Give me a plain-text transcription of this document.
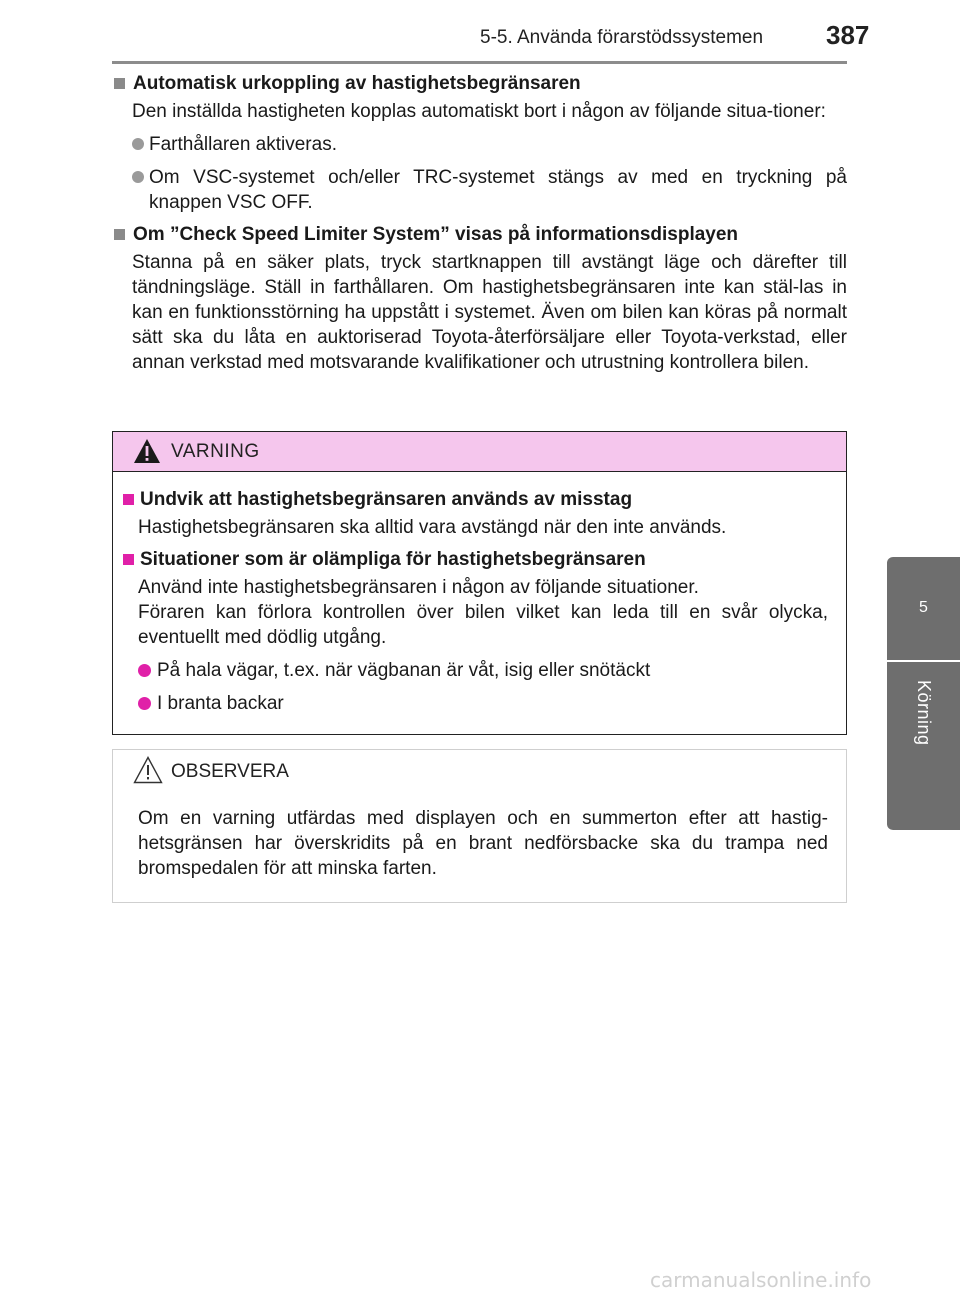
5-5. Använda förarstödssystemen	387
5
Körning
Automatisk urkoppling av hastighetsbegränsaren

Den inställda hastigheten kopplas automatiskt bort i någon av följande situa-tioner:

Farthållaren aktiveras.
Om VSC-systemet och/eller TRC-systemet stängs av med en tryckning på knappen VSC OFF.
Om ”Check Speed Limiter System” visas på informationsdisplayen

Stanna på en säker plats, tryck startknappen till avstängt läge och därefter till tändningsläge. Ställ in farthållaren. Om hastighetsbegränsaren inte kan stäl-las in kan en funktionsstörning ha uppstått i systemet. Även om bilen kan köras på normalt sätt ska du låta en auktoriserad Toyota-återförsäljare eller Toyota-verkstad, eller annan verkstad med motsvarande kvalifikationer och utrustning kontrollera bilen.

VARNING
Undvik att hastighetsbegränsaren används av misstag

Hastighetsbegränsaren ska alltid vara avstängd när den inte används.

Situationer som är olämpliga för hastighetsbegränsaren

Använd inte hastighetsbegränsaren i någon av följande situationer.

Föraren kan förlora kontrollen över bilen vilket kan leda till en svår olycka, eventuellt med dödlig utgång.

På hala vägar, t.ex. när vägbanan är våt, isig eller snötäckt
I branta backar
OBSERVERA

Om en varning utfärdas med displayen och en summerton efter att hastig-hetsgränsen har överskridits på en brant nedförsbacke ska du trampa ned bromspedalen för att minska farten.

carmanualsonline.info
